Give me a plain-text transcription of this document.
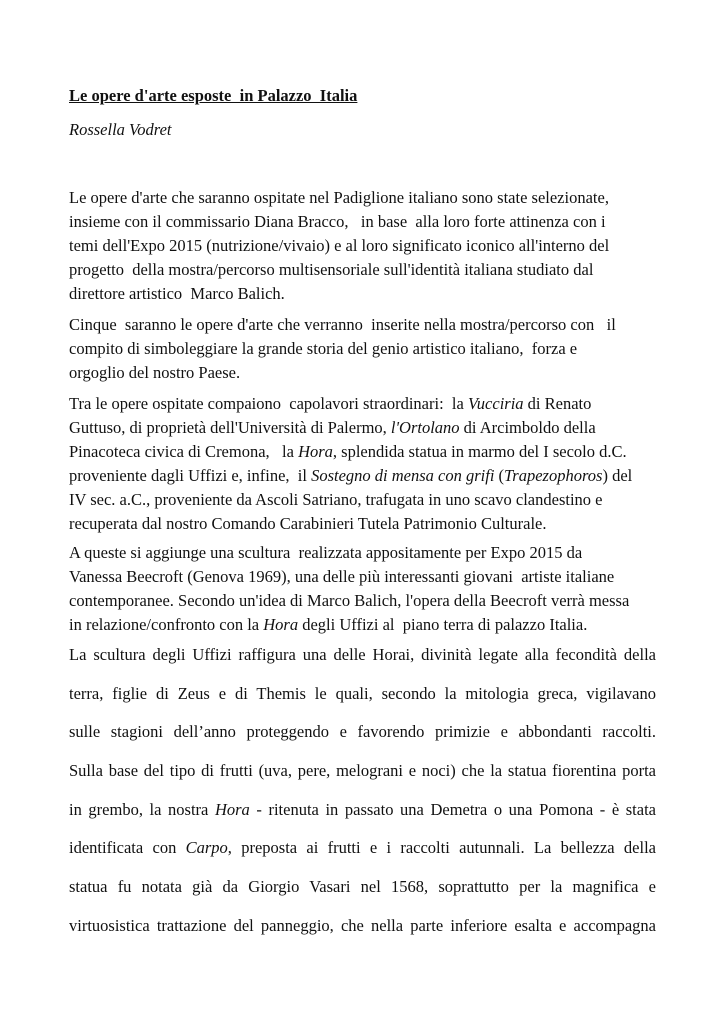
Le opere d'arte esposte  in Palazzo  Italia

Rossella Vodret

Le opere d'arte che saranno ospitate nel Padiglione italiano sono state selezionate,
insieme con il commissario Diana Bracco,   in base  alla loro forte attinenza con i
temi dell'Expo 2015 (nutrizione/vivaio) e al loro significato iconico all'interno del
progetto  della mostra/percorso multisensoriale sull'identità italiana studiato dal
direttore artistico  Marco Balich.
Cinque  saranno le opere d'arte che verranno  inserite nella mostra/percorso con   il
compito di simboleggiare la grande storia del genio artistico italiano,  forza e
orgoglio del nostro Paese.
Tra le opere ospitate compaiono  capolavori straordinari:  la Vucciria di Renato
Guttuso, di proprietà dell'Università di Palermo, l'Ortolano di Arcimboldo della
Pinacoteca civica di Cremona,   la Hora, splendida statua in marmo del I secolo d.C.
proveniente dagli Uffizi e, infine,  il Sostegno di mensa con grifi (Trapezophoros) del
IV sec. a.C., proveniente da Ascoli Satriano, trafugata in uno scavo clandestino e
recuperata dal nostro Comando Carabinieri Tutela Patrimonio Culturale.
A queste si aggiunge una scultura  realizzata appositamente per Expo 2015 da
Vanessa Beecroft (Genova 1969), una delle più interessanti giovani  artiste italiane
contemporanee. Secondo un'idea di Marco Balich, l'opera della Beecroft verrà messa
in relazione/confronto con la Hora degli Uffizi al  piano terra di palazzo Italia.
La scultura degli Uffizi raffigura una delle Horai, divinità legate alla fecondità della
terra, figlie di Zeus e di Themis le quali, secondo la mitologia greca, vigilavano
sulle stagioni dell’anno proteggendo e favorendo primizie e abbondanti raccolti.
Sulla base del tipo di frutti (uva, pere, melograni e noci) che la statua fiorentina porta
in grembo, la nostra Hora - ritenuta in passato una Demetra o una Pomona - è stata
identificata con Carpo, preposta ai frutti e i raccolti autunnali. La bellezza della
statua fu notata già da Giorgio Vasari nel 1568, soprattutto per la magnifica e
virtuosistica trattazione del panneggio, che nella parte inferiore esalta e accompagna
